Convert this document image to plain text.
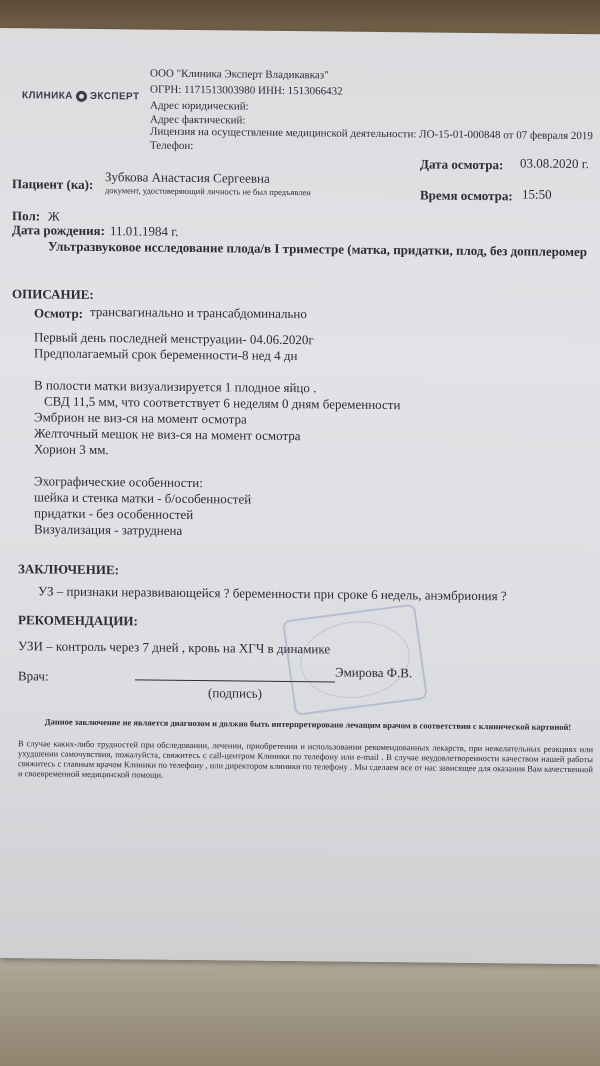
КЛИНИКА ЭКСПЕРТ
ООО "Клиника Эксперт Владикавказ"
ОГРН: 1171513003980 ИНН: 1513066432
Адрес юридический:
Адрес фактический:
Лицензия на осуществление медицинской деятельности: ЛО-15-01-000848 от 07 февраля 2019
Телефон:
Дата осмотра: 03.08.2020 г.
Время осмотра: 15:50
Пациент (ка): Зубкова Анастасия Сергеевна
документ, удостоверяющий личность не был предъявлен
Пол: Ж
Дата рождения: 11.01.1984 г.
Ультразвуковое исследование плода/в I триместре (матка, придатки, плод, без допплеромер
ОПИСАНИЕ:
Осмотр: трансвагинально и трансабдоминально
Первый день последней менструации- 04.06.2020г
Предполагаемый срок беременности-8 нед 4 дн
В полости матки визуализируется 1 плодное яйцо .
СВД 11,5 мм, что соответствует 6 неделям 0 дням беременности
Эмбрион не виз-ся на момент осмотра
Желточный мешок не виз-ся на момент осмотра
Хорион 3 мм.
Эхографические особенности:
шейка и стенка матки - б/особенностей
придатки - без особенностей
Визуализация - затруднена
ЗАКЛЮЧЕНИЕ:
УЗ – признаки неразвивающейся ? беременности при сроке 6 недель, анэмбриония ?
РЕКОМЕНДАЦИИ:
УЗИ – контроль через 7 дней , кровь на ХГЧ в динамике
Врач:	Эмирова Ф.В.
(подпись)
Данное заключение не является диагнозом и должно быть интерпретировано лечащим врачом в соответствии с клинической картиной!
В случае каких-либо трудностей при обследовании, лечении, приобретении и использовании рекомендованных лекарств, при нежелательных реакциях или ухудшении самочувствия, пожалуйста, свяжитесь с call-центром Клиники по телефону или e-mail . В случае неудовлетворенности качеством нашей работы свяжитесь с главным врачом Клиники по телефону , или директором клиники по телефону . Мы сделаем все от нас зависящее для оказания Вам качественной и своевременной медицинской помощи.
